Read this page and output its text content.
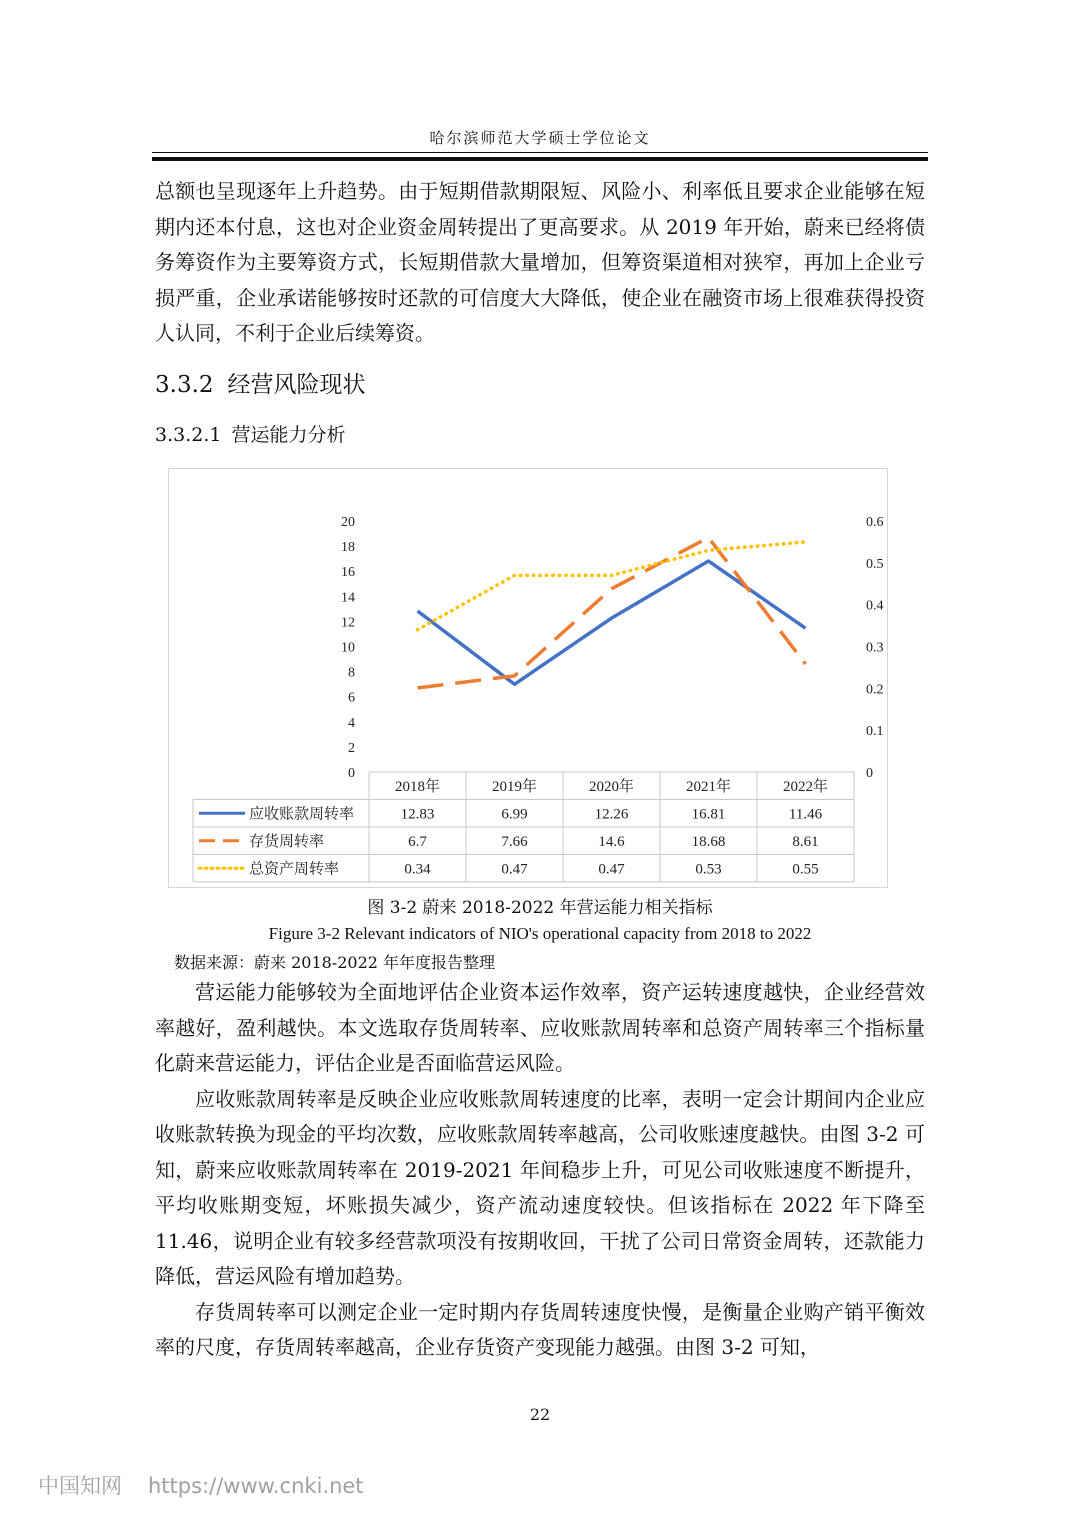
哈尔滨师范大学硕士学位论文

总额也呈现逐年上升趋势。由于短期借款期限短、风险小、利率低且要求企业能够在短期内还本付息，这也对企业资金周转提出了更高要求。从 2019 年开始，蔚来已经将债务筹资作为主要筹资方式，长短期借款大量增加，但筹资渠道相对狭窄，再加上企业亏损严重，企业承诺能够按时还款的可信度大大降低，使企业在融资市场上很难获得投资人认同，不利于企业后续筹资。

3.3.2 经营风险现状
3.3.2.1 营运能力分析
0
2
4
6
8
10
12
14
16
18
20
0
0.1
0.2
0.3
0.4
0.5
0.6
2018年	2019年	2020年	2021年	2022年
应收账款周转率	12.83	6.99	12.26	16.81	11.46
存货周转率	6.7	7.66	14.6	18.68	8.61
总资产周转率	0.34	0.47	0.47	0.53	0.55
图 3-2 蔚来 2018-2022 年营运能力相关指标
Figure 3-2 Relevant indicators of NIO's operational capacity from 2018 to 2022
数据来源：蔚来 2018-2022 年年度报告整理

营运能力能够较为全面地评估企业资本运作效率，资产运转速度越快，企业经营效率越好，盈利越快。本文选取存货周转率、应收账款周转率和总资产周转率三个指标量化蔚来营运能力，评估企业是否面临营运风险。

应收账款周转率是反映企业应收账款周转速度的比率，表明一定会计期间内企业应收账款转换为现金的平均次数，应收账款周转率越高，公司收账速度越快。由图 3-2 可知，蔚来应收账款周转率在 2019-2021 年间稳步上升，可见公司收账速度不断提升，平均收账期变短，坏账损失减少，资产流动速度较快。但该指标在 2022 年下降至 11.46，说明企业有较多经营款项没有按期收回，干扰了公司日常资金周转，还款能力降低，营运风险有增加趋势。

存货周转率可以测定企业一定时期内存货周转速度快慢，是衡量企业购产销平衡效率的尺度，存货周转率越高，企业存货资产变现能力越强。由图 3-2 可知，

22
中国知网 https://www.cnki.net
